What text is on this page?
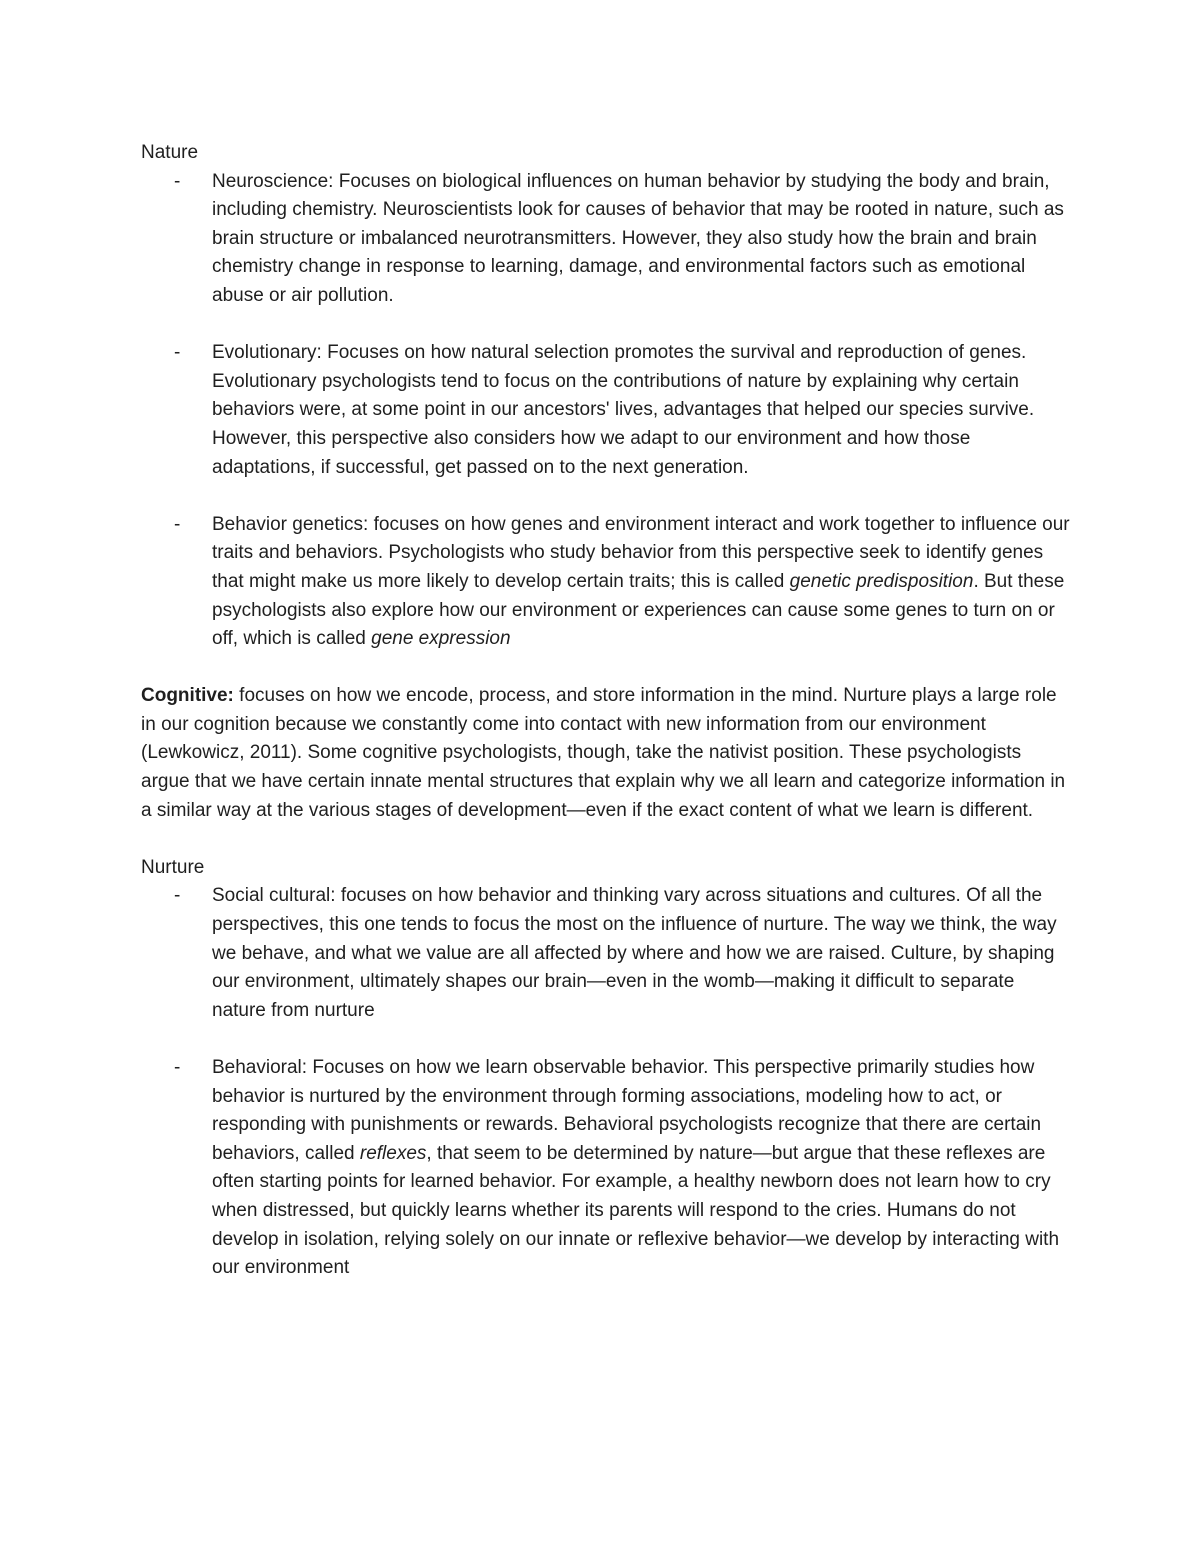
Nature

- Neuroscience: Focuses on biological influences on human behavior by studying the body and brain, including chemistry. Neuroscientists look for causes of behavior that may be rooted in nature, such as brain structure or imbalanced neurotransmitters. However, they also study how the brain and brain chemistry change in response to learning, damage, and environmental factors such as emotional abuse or air pollution.
- Evolutionary: Focuses on how natural selection promotes the survival and reproduction of genes. Evolutionary psychologists tend to focus on the contributions of nature by explaining why certain behaviors were, at some point in our ancestors' lives, advantages that helped our species survive. However, this perspective also considers how we adapt to our environment and how those adaptations, if successful, get passed on to the next generation.
- Behavior genetics: focuses on how genes and environment interact and work together to influence our traits and behaviors. Psychologists who study behavior from this perspective seek to identify genes that might make us more likely to develop certain traits; this is called genetic predisposition. But these psychologists also explore how our environment or experiences can cause some genes to turn on or off, which is called gene expression

Cognitive: focuses on how we encode, process, and store information in the mind. Nurture plays a large role in our cognition because we constantly come into contact with new information from our environment (Lewkowicz, 2011). Some cognitive psychologists, though, take the nativist position. These psychologists argue that we have certain innate mental structures that explain why we all learn and categorize information in a similar way at the various stages of development—even if the exact content of what we learn is different.

Nurture

- Social cultural: focuses on how behavior and thinking vary across situations and cultures. Of all the perspectives, this one tends to focus the most on the influence of nurture. The way we think, the way we behave, and what we value are all affected by where and how we are raised. Culture, by shaping our environment, ultimately shapes our brain—even in the womb—making it difficult to separate nature from nurture
- Behavioral: Focuses on how we learn observable behavior. This perspective primarily studies how behavior is nurtured by the environment through forming associations, modeling how to act, or responding with punishments or rewards. Behavioral psychologists recognize that there are certain behaviors, called reflexes, that seem to be determined by nature—but argue that these reflexes are often starting points for learned behavior. For example, a healthy newborn does not learn how to cry when distressed, but quickly learns whether its parents will respond to the cries. Humans do not develop in isolation, relying solely on our innate or reflexive behavior—we develop by interacting with our environment
